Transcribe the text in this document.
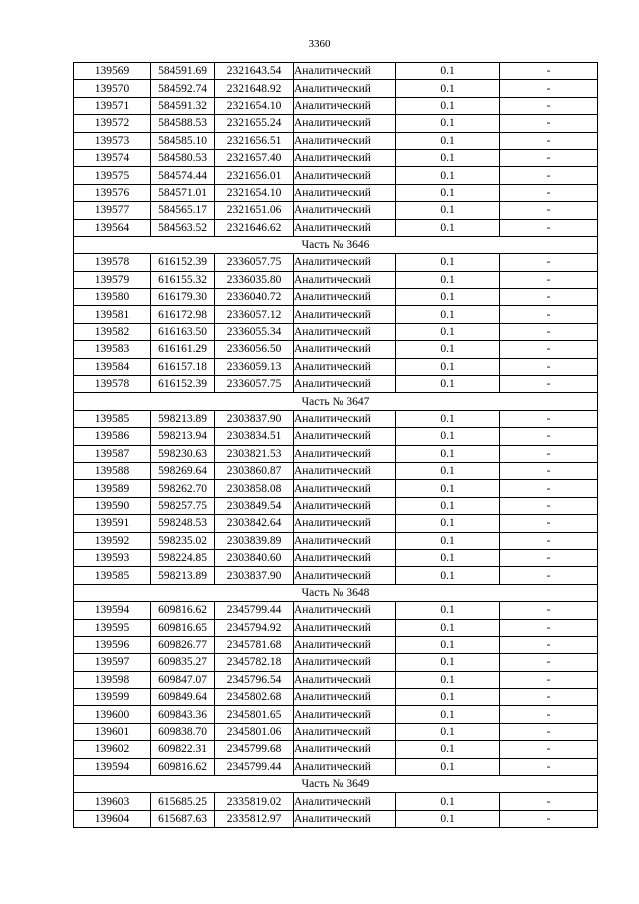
3360
139569	584591.69	2321643.54	Аналитический	0.1	-
139570	584592.74	2321648.92	Аналитический	0.1	-
139571	584591.32	2321654.10	Аналитический	0.1	-
139572	584588.53	2321655.24	Аналитический	0.1	-
139573	584585.10	2321656.51	Аналитический	0.1	-
139574	584580.53	2321657.40	Аналитический	0.1	-
139575	584574.44	2321656.01	Аналитический	0.1	-
139576	584571.01	2321654.10	Аналитический	0.1	-
139577	584565.17	2321651.06	Аналитический	0.1	-
139564	584563.52	2321646.62	Аналитический	0.1	-
Часть № 3646					
139578	616152.39	2336057.75	Аналитический	0.1	-
139579	616155.32	2336035.80	Аналитический	0.1	-
139580	616179.30	2336040.72	Аналитический	0.1	-
139581	616172.98	2336057.12	Аналитический	0.1	-
139582	616163.50	2336055.34	Аналитический	0.1	-
139583	616161.29	2336056.50	Аналитический	0.1	-
139584	616157.18	2336059.13	Аналитический	0.1	-
139578	616152.39	2336057.75	Аналитический	0.1	-
Часть № 3647					
139585	598213.89	2303837.90	Аналитический	0.1	-
139586	598213.94	2303834.51	Аналитический	0.1	-
139587	598230.63	2303821.53	Аналитический	0.1	-
139588	598269.64	2303860.87	Аналитический	0.1	-
139589	598262.70	2303858.08	Аналитический	0.1	-
139590	598257.75	2303849.54	Аналитический	0.1	-
139591	598248.53	2303842.64	Аналитический	0.1	-
139592	598235.02	2303839.89	Аналитический	0.1	-
139593	598224.85	2303840.60	Аналитический	0.1	-
139585	598213.89	2303837.90	Аналитический	0.1	-
Часть № 3648					
139594	609816.62	2345799.44	Аналитический	0.1	-
139595	609816.65	2345794.92	Аналитический	0.1	-
139596	609826.77	2345781.68	Аналитический	0.1	-
139597	609835.27	2345782.18	Аналитический	0.1	-
139598	609847.07	2345796.54	Аналитический	0.1	-
139599	609849.64	2345802.68	Аналитический	0.1	-
139600	609843.36	2345801.65	Аналитический	0.1	-
139601	609838.70	2345801.06	Аналитический	0.1	-
139602	609822.31	2345799.68	Аналитический	0.1	-
139594	609816.62	2345799.44	Аналитический	0.1	-
Часть № 3649					
139603	615685.25	2335819.02	Аналитический	0.1	-
139604	615687.63	2335812.97	Аналитический	0.1	-
